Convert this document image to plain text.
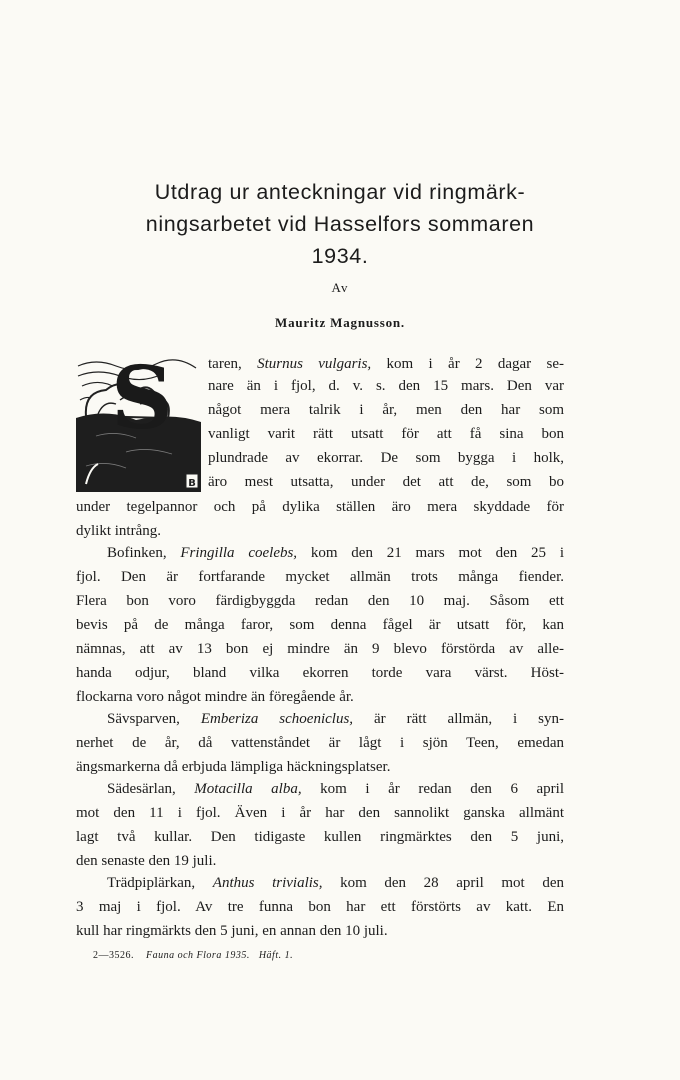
Utdrag ur anteckningar vid ringmärk-
ningsarbetet vid Hasselfors sommaren
1934.
Av
Mauritz Magnusson.
S
B
taren, Sturnus vulgaris, kom i år 2 dagar se-
nare än i fjol, d. v. s. den 15 mars. Den var
något mera talrik i år, men den har som
vanligt varit rätt utsatt för att få sina bon
plundrade av ekorrar. De som bygga i holk,
äro mest utsatta, under det att de, som bo
under tegelpannor och på dylika ställen äro mera skyddade för
dylikt intrång.
Bofinken, Fringilla coelebs, kom den 21 mars mot den 25 i
fjol. Den är fortfarande mycket allmän trots många fiender.
Flera bon voro färdigbyggda redan den 10 maj. Såsom ett
bevis på de många faror, som denna fågel är utsatt för, kan
nämnas, att av 13 bon ej mindre än 9 blevo förstörda av alle-
handa odjur, bland vilka ekorren torde vara värst. Höst-
flockarna voro något mindre än föregående år.
Sävsparven, Emberiza schoeniclus, är rätt allmän, i syn-
nerhet de år, då vattenståndet är lågt i sjön Teen, emedan
ängsmarkerna då erbjuda lämpliga häckningsplatser.
Sädesärlan, Motacilla alba, kom i år redan den 6 april
mot den 11 i fjol. Även i år har den sannolikt ganska allmänt
lagt två kullar. Den tidigaste kullen ringmärktes den 5 juni,
den senaste den 19 juli.
Trädpiplärkan, Anthus trivialis, kom den 28 april mot den
3 maj i fjol. Av tre funna bon har ett förstörts av katt. En
kull har ringmärkts den 5 juni, en annan den 10 juli.
2—3526. Fauna och Flora 1935. Häft. 1.
